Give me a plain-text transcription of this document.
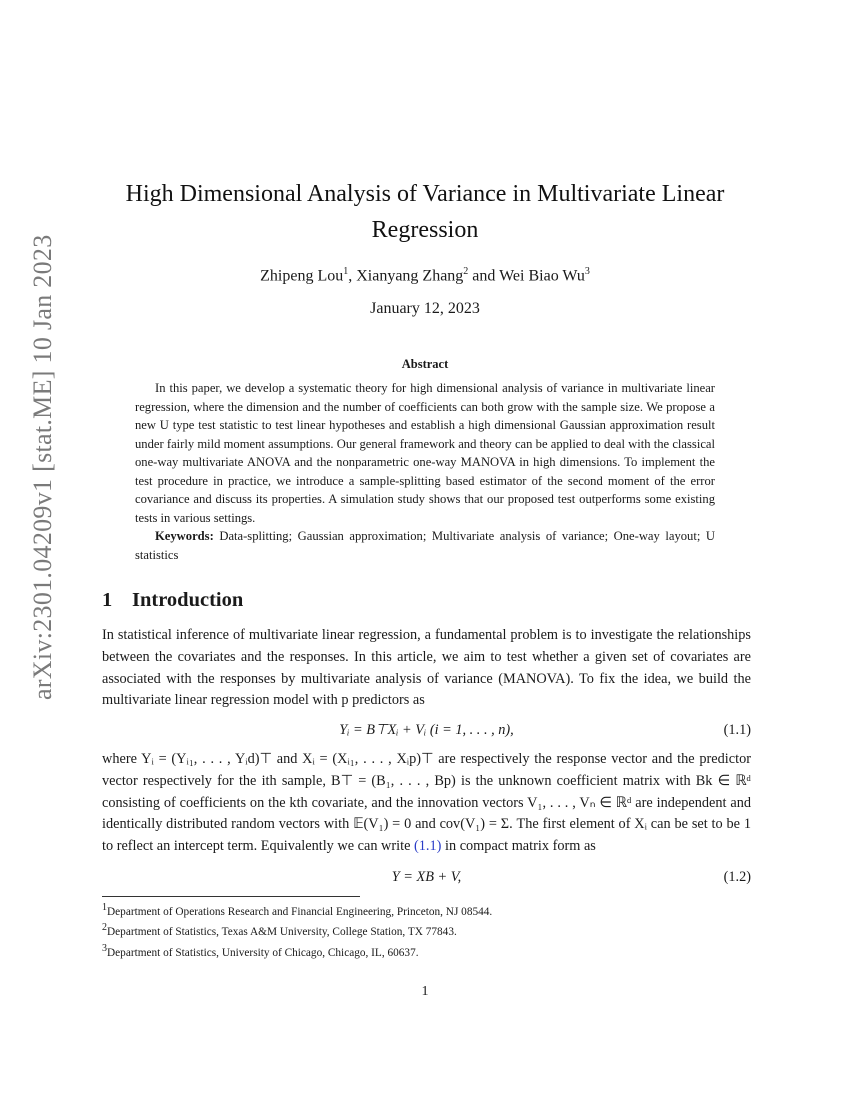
arXiv:2301.04209v1 [stat.ME] 10 Jan 2023
High Dimensional Analysis of Variance in Multivariate Linear
Regression
Zhipeng Lou$^1$, Xianyang Zhang$^2$ and Wei Biao Wu$^3$
January 12, 2023
Abstract

In this paper, we develop a systematic theory for high dimensional analysis of variance in multivariate linear regression, where the dimension and the number of coefficients can both grow with the sample size. We propose a new U type test statistic to test linear hypotheses and establish a high dimensional Gaussian approximation result under fairly mild moment assumptions. Our general framework and theory can be applied to deal with the classical one-way multivariate ANOVA and the nonparametric one-way MANOVA in high dimensions. To implement the test procedure in practice, we introduce a sample-splitting based estimator of the second moment of the error covariance and discuss its properties. A simulation study shows that our proposed test outperforms some existing tests in various settings.

Keywords: Data-splitting; Gaussian approximation; Multivariate analysis of variance; One-way layout; U statistics

1 Introduction

In statistical inference of multivariate linear regression, a fundamental problem is to investigate the relationships between the covariates and the responses. In this article, we aim to test whether a given set of covariates are associated with the responses by multivariate analysis of variance (MANOVA). To fix the idea, we build the multivariate linear regression model with p predictors as

Yᵢ = B⊤Xᵢ + Vᵢ (i = 1, . . . , n),	(1.1)

where Yᵢ = (Yᵢ₁, . . . , Yᵢd)⊤ and Xᵢ = (Xᵢ₁, . . . , Xᵢp)⊤ are respectively the response vector and the predictor vector respectively for the ith sample, B⊤ = (B₁, . . . , Bp) is the unknown coefficient matrix with Bk ∈ ℝᵈ consisting of coefficients on the kth covariate, and the innovation vectors V₁, . . . , Vₙ ∈ ℝᵈ are independent and identically distributed random vectors with 𝔼(V₁) = 0 and cov(V₁) = Σ. The first element of Xᵢ can be set to be 1 to reflect an intercept term. Equivalently we can write (1.1) in compact matrix form as

Y = XB + V,	(1.2)
$^1$Department of Operations Research and Financial Engineering, Princeton, NJ 08544.
$^2$Department of Statistics, Texas A&M University, College Station, TX 77843.
$^3$Department of Statistics, University of Chicago, Chicago, IL, 60637.
1
